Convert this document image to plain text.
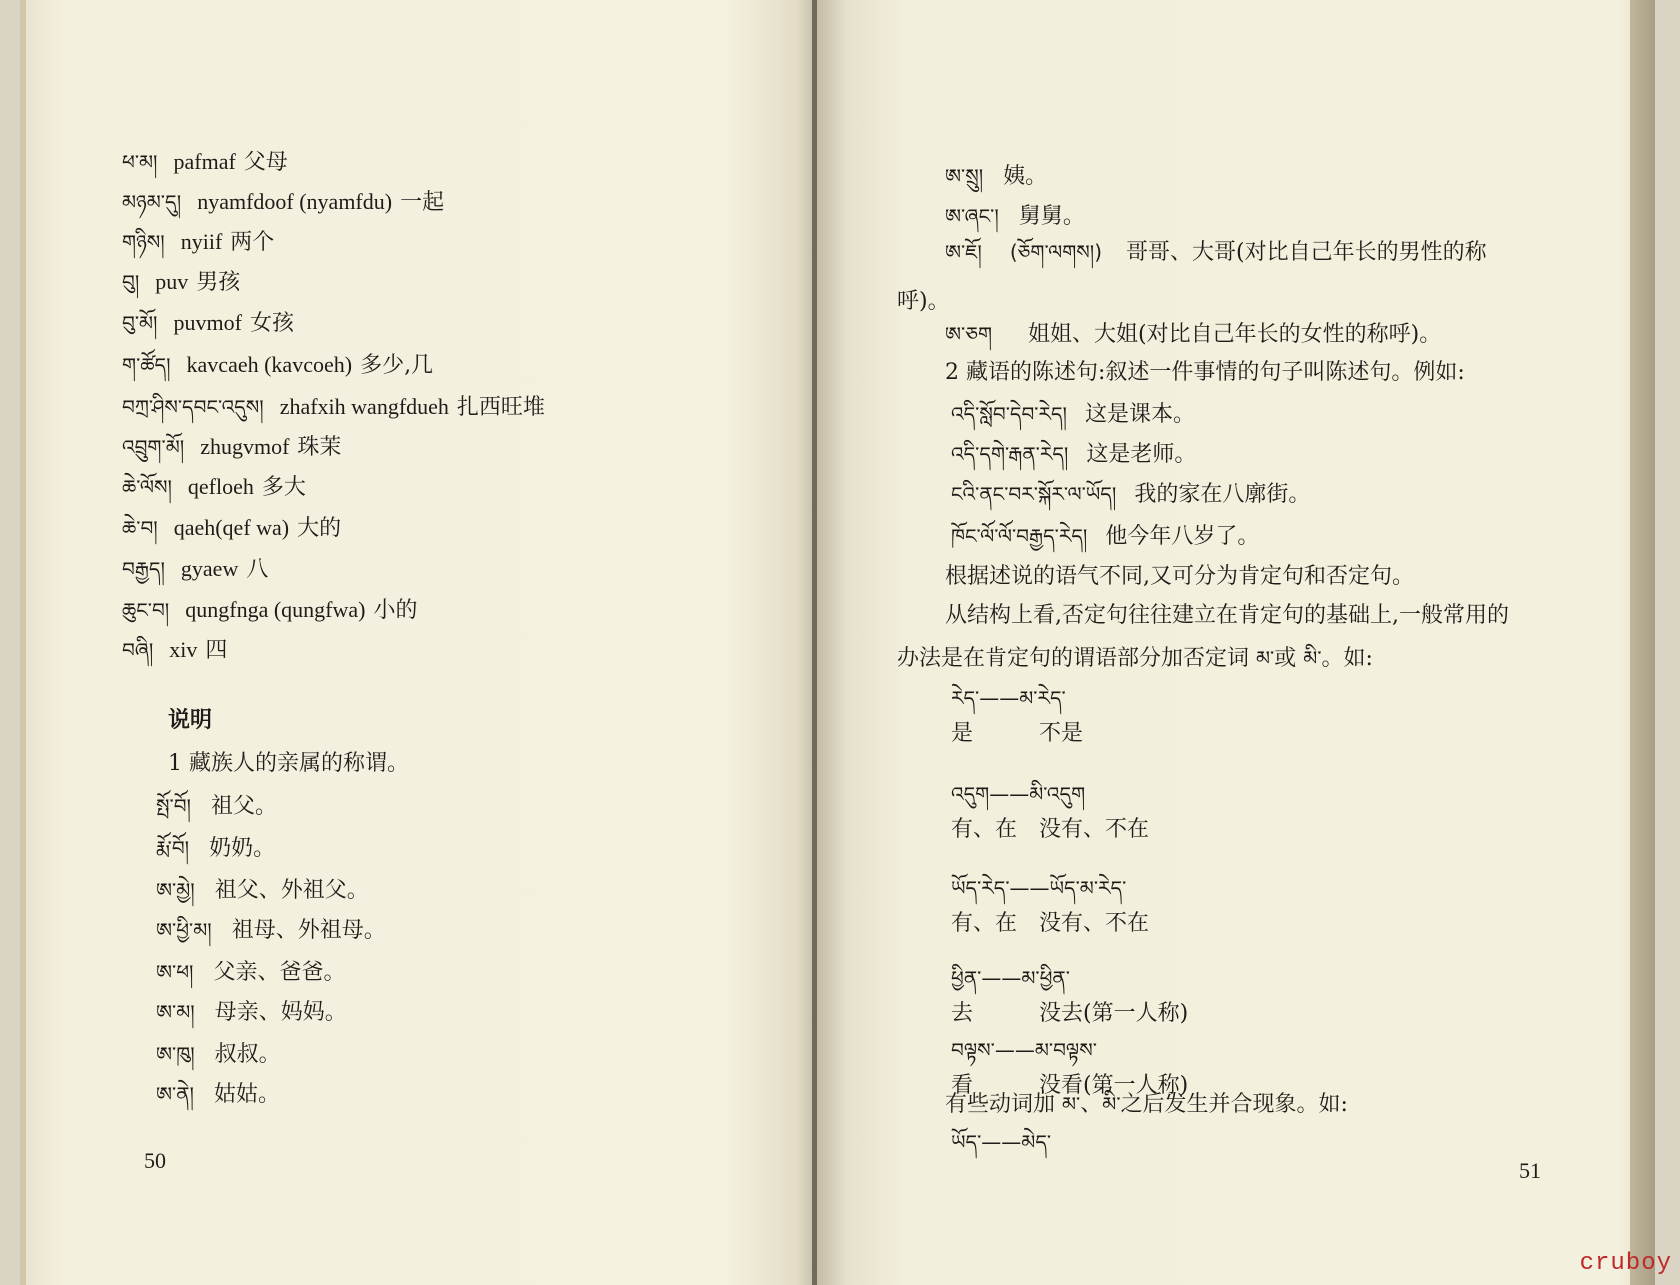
ཕ་མ། pafmaf 父母
མཉམ་དུ། nyamfdoof (nyamfdu) 一起
གཉིས། nyiif 两个
བུ། puv 男孩
བུ་མོ། puvmof 女孩
ག་ཚོད། kavcaeh (kavcoeh) 多少,几
བཀྲ་ཤིས་དབང་འདུས། zhafxih wangfdueh 扎西旺堆
འབྲུག་མོ། zhugvmof 珠茉
ཆེ་ལོས། qefloeh 多大
ཆེ་བ། qaeh(qef wa) 大的
བརྒྱད། gyaew 八
ཆུང་བ། qungfnga (qungfwa) 小的
བཞི། xiv 四
说明
1 藏族人的亲属的称谓。
སྤོ་བོ། 祖父。
རྨོ་བོ། 奶奶。
ཨ་མྱེ། 祖父、外祖父。
ཨ་ཕྱི་མ། 祖母、外祖母。
ཨ་ཕ། 父亲、爸爸。
ཨ་མ། 母亲、妈妈。
ཨ་ཁུ། 叔叔。
ཨ་ནེ། 姑姑。
50
ཨ་སྲུ། 姨。
ཨ་ཞང་། 舅舅。
ཨ་ཇོ། (ཅོག་ལགས།) 哥哥、大哥(对比自己年长的男性的称
呼)。
ཨ་ཅག 姐姐、大姐(对比自己年长的女性的称呼)。
2 藏语的陈述句:叙述一件事情的句子叫陈述句。例如:
འདི་སློབ་དེབ་རེད། 这是课本。
འདི་དགེ་རྒན་རེད། 这是老师。
ངའི་ནང་བར་སྐོར་ལ་ཡོད། 我的家在八廓街。
ཁོང་ལོ་ལོ་བརྒྱད་རེད། 他今年八岁了。
根据述说的语气不同,又可分为肯定句和否定句。
从结构上看,否定句往往建立在肯定句的基础上,一般常用的
办法是在肯定句的谓语部分加否定词 མ་或 མི་。如:
རེད་——མ་རེད་
是	不是
འདུག——མི་འདུག
有、在 没有、不在
ཡོད་རེད་——ཡོད་མ་རེད་
有、在 没有、不在
ཕྱིན་——མ་ཕྱིན་
去	没去(第一人称)
བལྟས་——མ་བལྟས་
看	没看(第一人称)
有些动词加 མ་、མི་之后发生并合现象。如:
ཡོད་——མེད་
51
cruboy
